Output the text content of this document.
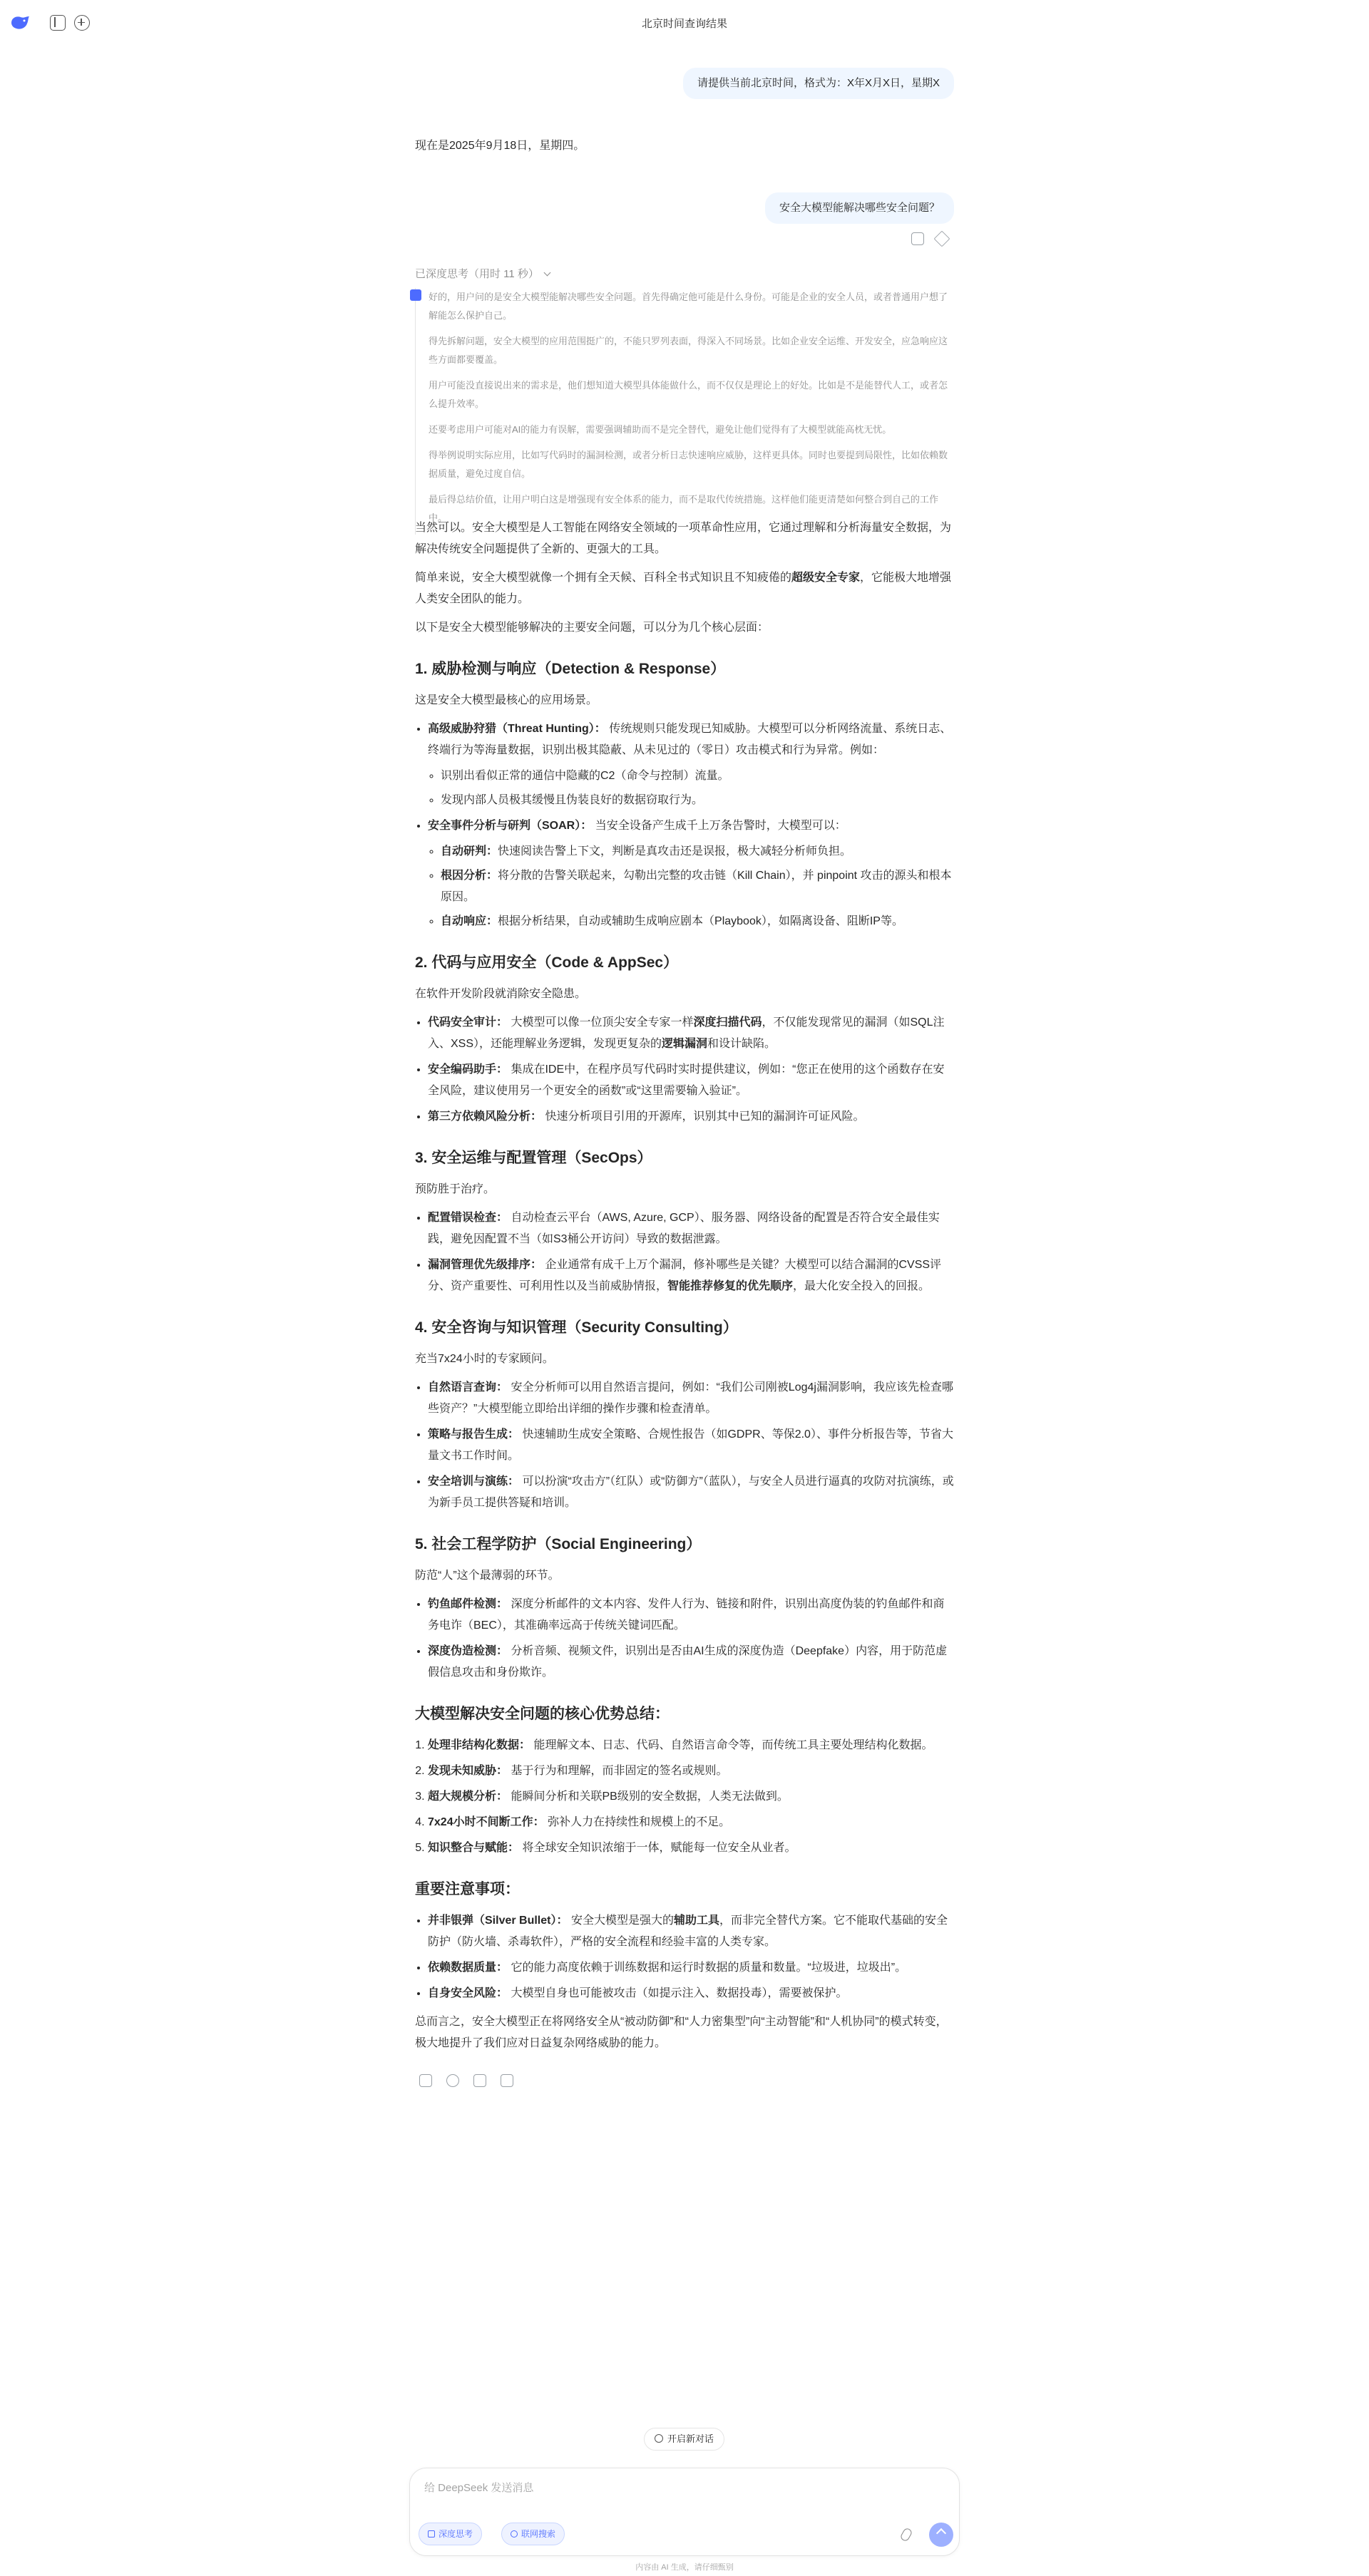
北京时间查询结果
请提供当前北京时间，格式为：X年X月X日，星期X
现在是2025年9月18日，星期四。
安全大模型能解决哪些安全问题？
已深度思考（用时 11 秒）

好的，用户问的是安全大模型能解决哪些安全问题。首先得确定他可能是什么身份。可能是企业的安全人员，或者普通用户想了解能怎么保护自己。

得先拆解问题，安全大模型的应用范围挺广的，不能只罗列表面，得深入不同场景。比如企业安全运维、开发安全，应急响应这些方面都要覆盖。

用户可能没直接说出来的需求是，他们想知道大模型具体能做什么，而不仅仅是理论上的好处。比如是不是能替代人工，或者怎么提升效率。

还要考虑用户可能对AI的能力有误解，需要强调辅助而不是完全替代，避免让他们觉得有了大模型就能高枕无忧。

得举例说明实际应用，比如写代码时的漏洞检测，或者分析日志快速响应威胁，这样更具体。同时也要提到局限性，比如依赖数据质量，避免过度自信。

最后得总结价值，让用户明白这是增强现有安全体系的能力，而不是取代传统措施。这样他们能更清楚如何整合到自己的工作中。

当然可以。安全大模型是人工智能在网络安全领域的一项革命性应用，它通过理解和分析海量安全数据，为解决传统安全问题提供了全新的、更强大的工具。

简单来说，安全大模型就像一个拥有全天候、百科全书式知识且不知疲倦的超级安全专家，它能极大地增强人类安全团队的能力。

以下是安全大模型能够解决的主要安全问题，可以分为几个核心层面：

1. 威胁检测与响应（Detection & Response）

这是安全大模型最核心的应用场景。

• 高级威胁狩猎（Threat Hunting）： 传统规则只能发现已知威胁。大模型可以分析网络流量、系统日志、终端行为等海量数据，识别出极其隐蔽、从未见过的（零日）攻击模式和行为异常。例如：
◦ 识别出看似正常的通信中隐藏的C2（命令与控制）流量。
◦ 发现内部人员极其缓慢且伪装良好的数据窃取行为。
• 安全事件分析与研判（SOAR）： 当安全设备产生成千上万条告警时，大模型可以：
◦ 自动研判：快速阅读告警上下文，判断是真攻击还是误报，极大减轻分析师负担。
◦ 根因分析：将分散的告警关联起来，勾勒出完整的攻击链（Kill Chain），并 pinpoint 攻击的源头和根本原因。
◦ 自动响应：根据分析结果，自动或辅助生成响应剧本（Playbook），如隔离设备、阻断IP等。
2. 代码与应用安全（Code & AppSec）

在软件开发阶段就消除安全隐患。

• 代码安全审计： 大模型可以像一位顶尖安全专家一样深度扫描代码，不仅能发现常见的漏洞（如SQL注入、XSS），还能理解业务逻辑，发现更复杂的逻辑漏洞和设计缺陷。
• 安全编码助手： 集成在IDE中，在程序员写代码时实时提供建议，例如：“您正在使用的这个函数存在安全风险，建议使用另一个更安全的函数”或“这里需要输入验证”。
• 第三方依赖风险分析： 快速分析项目引用的开源库，识别其中已知的漏洞许可证风险。
3. 安全运维与配置管理（SecOps）

预防胜于治疗。

• 配置错误检查： 自动检查云平台（AWS, Azure, GCP）、服务器、网络设备的配置是否符合安全最佳实践，避免因配置不当（如S3桶公开访问）导致的数据泄露。
• 漏洞管理优先级排序： 企业通常有成千上万个漏洞，修补哪些是关键？大模型可以结合漏洞的CVSS评分、资产重要性、可利用性以及当前威胁情报，智能推荐修复的优先顺序，最大化安全投入的回报。
4. 安全咨询与知识管理（Security Consulting）

充当7x24小时的专家顾问。

• 自然语言查询： 安全分析师可以用自然语言提问，例如：“我们公司刚被Log4j漏洞影响，我应该先检查哪些资产？”大模型能立即给出详细的操作步骤和检查清单。
• 策略与报告生成： 快速辅助生成安全策略、合规性报告（如GDPR、等保2.0）、事件分析报告等，节省大量文书工作时间。
• 安全培训与演练： 可以扮演“攻击方”（红队）或“防御方”（蓝队），与安全人员进行逼真的攻防对抗演练，或为新手员工提供答疑和培训。
5. 社会工程学防护（Social Engineering）

防范“人”这个最薄弱的环节。

• 钓鱼邮件检测： 深度分析邮件的文本内容、发件人行为、链接和附件，识别出高度伪装的钓鱼邮件和商务电诈（BEC），其准确率远高于传统关键词匹配。
• 深度伪造检测： 分析音频、视频文件，识别出是否由AI生成的深度伪造（Deepfake）内容，用于防范虚假信息攻击和身份欺诈。
大模型解决安全问题的核心优势总结：
1. 处理非结构化数据： 能理解文本、日志、代码、自然语言命令等，而传统工具主要处理结构化数据。
2. 发现未知威胁： 基于行为和理解，而非固定的签名或规则。
3. 超大规模分析： 能瞬间分析和关联PB级别的安全数据，人类无法做到。
4. 7x24小时不间断工作： 弥补人力在持续性和规模上的不足。
5. 知识整合与赋能： 将全球安全知识浓缩于一体，赋能每一位安全从业者。
重要注意事项：
• 并非银弹（Silver Bullet）： 安全大模型是强大的辅助工具，而非完全替代方案。它不能取代基础的安全防护（防火墙、杀毒软件），严格的安全流程和经验丰富的人类专家。
• 依赖数据质量： 它的能力高度依赖于训练数据和运行时数据的质量和数量。“垃圾进，垃圾出”。
• 自身安全风险： 大模型自身也可能被攻击（如提示注入、数据投毒），需要被保护。

总而言之，安全大模型正在将网络安全从“被动防御”和“人力密集型”向“主动智能”和“人机协同”的模式转变，极大地提升了我们应对日益复杂网络威胁的能力。

开启新对话
给 DeepSeek 发送消息
深度思考	联网搜索
内容由 AI 生成，请仔细甄别
